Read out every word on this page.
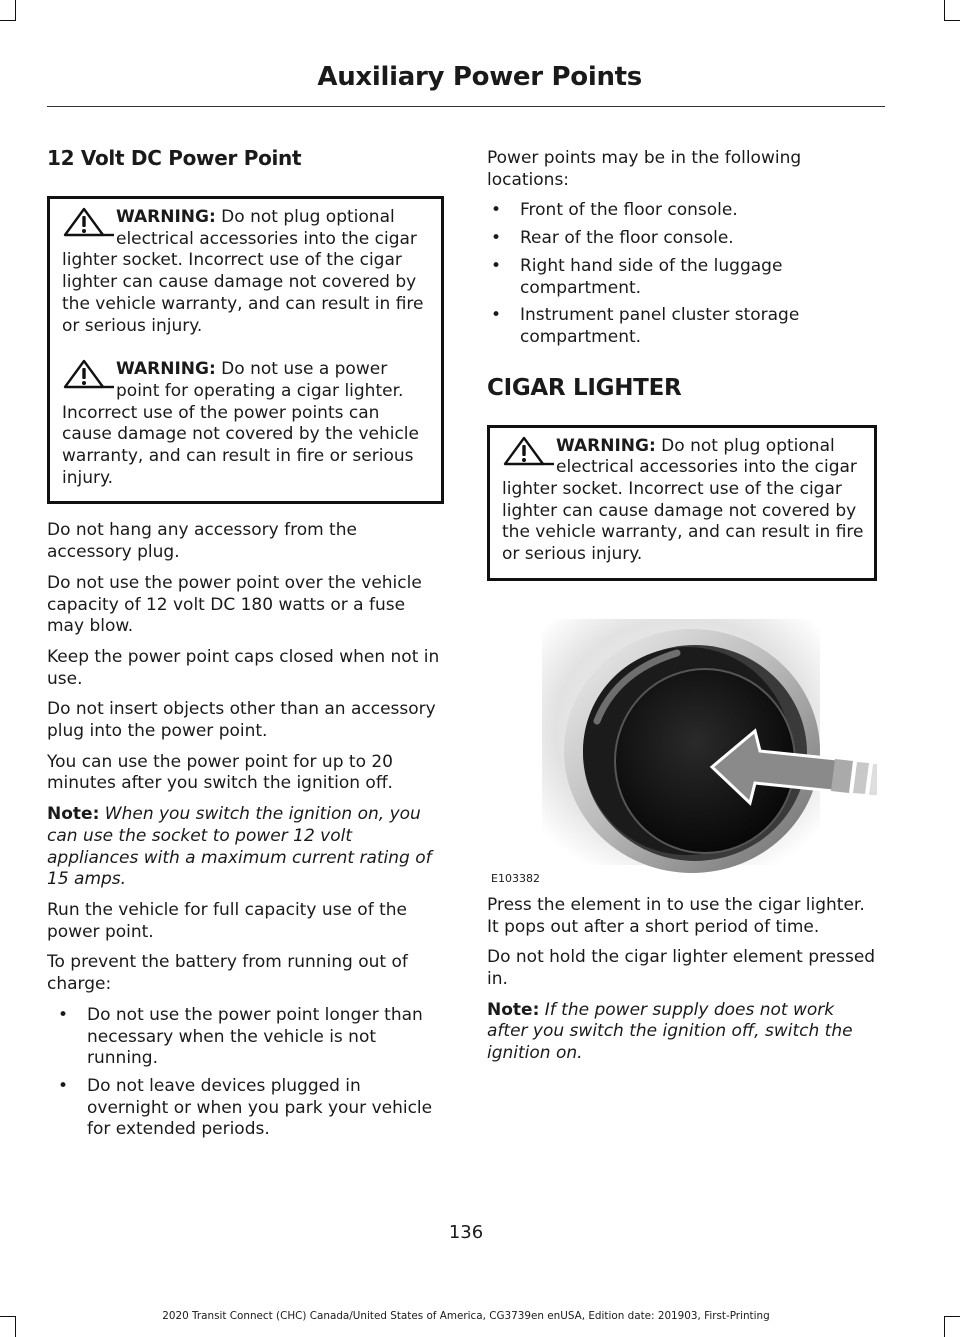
Auxiliary Power Points
12 Volt DC Power Point

WARNING: Do not plug optional electrical accessories into the cigar lighter socket. Incorrect use of the cigar lighter can cause damage not covered by the vehicle warranty, and can result in fire or serious injury.

WARNING: Do not use a power point for operating a cigar lighter. Incorrect use of the power points can cause damage not covered by the vehicle warranty, and can result in fire or serious injury.

Do not hang any accessory from the accessory plug.

Do not use the power point over the vehicle capacity of 12 volt DC 180 watts or a fuse may blow.

Keep the power point caps closed when not in use.

Do not insert objects other than an accessory plug into the power point.

You can use the power point for up to 20 minutes after you switch the ignition off.

Note: When you switch the ignition on, you can use the socket to power 12 volt appliances with a maximum current rating of 15 amps.

Run the vehicle for full capacity use of the power point.

To prevent the battery from running out of charge:

• Do not use the power point longer than necessary when the vehicle is not running.
• Do not leave devices plugged in overnight or when you park your vehicle for extended periods.

Power points may be in the following locations:

• Front of the floor console.
• Rear of the floor console.
• Right hand side of the luggage compartment.
• Instrument panel cluster storage compartment.
CIGAR LIGHTER

WARNING: Do not plug optional electrical accessories into the cigar lighter socket. Incorrect use of the cigar lighter can cause damage not covered by the vehicle warranty, and can result in fire or serious injury.

E103382

Press the element in to use the cigar lighter. It pops out after a short period of time.

Do not hold the cigar lighter element pressed in.

Note: If the power supply does not work after you switch the ignition off, switch the ignition on.

136

2020 Transit Connect (CHC) Canada/United States of America, CG3739en enUSA, Edition date: 201903, First-Printing
